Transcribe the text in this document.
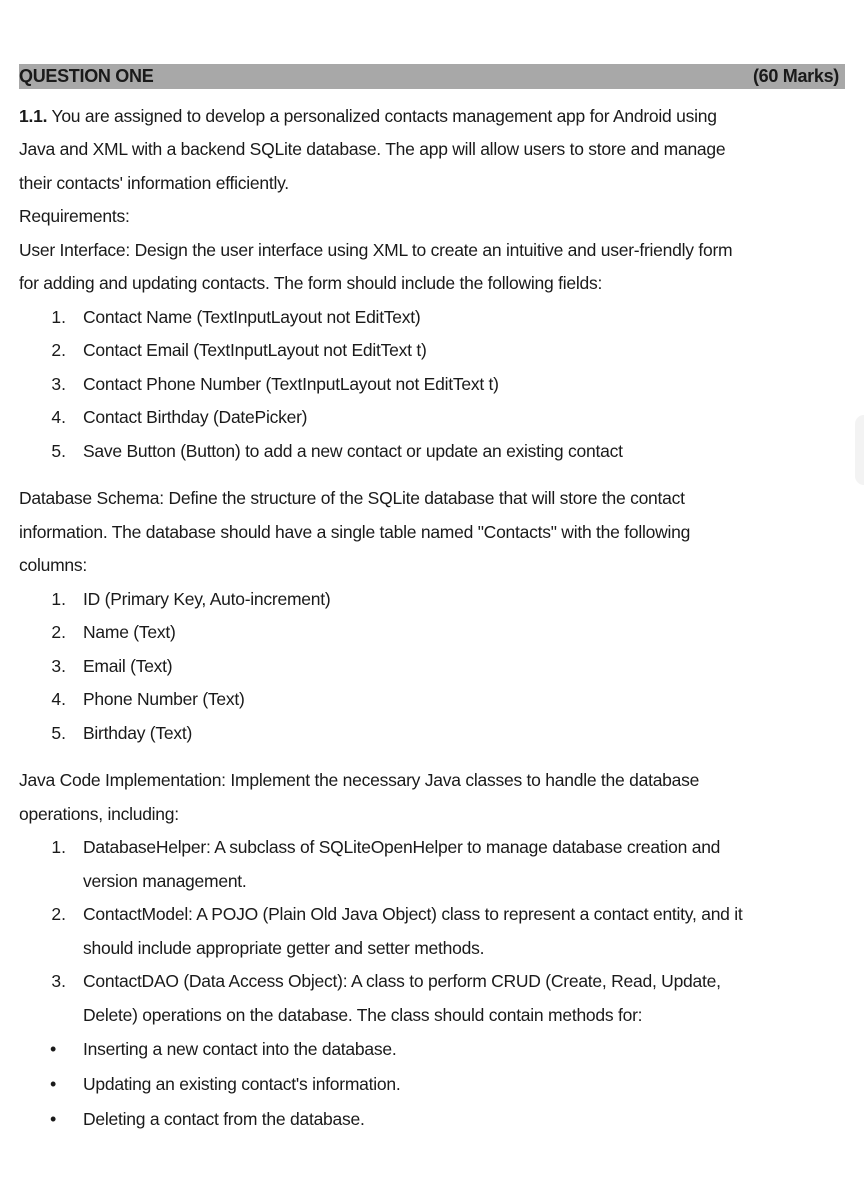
QUESTION ONE	(60 Marks)
1.1. You are assigned to develop a personalized contacts management app for Android using
Java and XML with a backend SQLite database. The app will allow users to store and manage
their contacts' information efficiently.
Requirements:
User Interface: Design the user interface using XML to create an intuitive and user-friendly form
for adding and updating contacts. The form should include the following fields:
1. Contact Name (TextInputLayout not EditText)
2. Contact Email (TextInputLayout not EditText t)
3. Contact Phone Number (TextInputLayout not EditText t)
4. Contact Birthday (DatePicker)
5. Save Button (Button) to add a new contact or update an existing contact
Database Schema: Define the structure of the SQLite database that will store the contact
information. The database should have a single table named "Contacts" with the following
columns:
1. ID (Primary Key, Auto-increment)
2. Name (Text)
3. Email (Text)
4. Phone Number (Text)
5. Birthday (Text)
Java Code Implementation: Implement the necessary Java classes to handle the database
operations, including:
1. DatabaseHelper: A subclass of SQLiteOpenHelper to manage database creation and
version management.
2. ContactModel: A POJO (Plain Old Java Object) class to represent a contact entity, and it
should include appropriate getter and setter methods.
3. ContactDAO (Data Access Object): A class to perform CRUD (Create, Read, Update,
Delete) operations on the database. The class should contain methods for:
• Inserting a new contact into the database.
• Updating an existing contact's information.
• Deleting a contact from the database.
